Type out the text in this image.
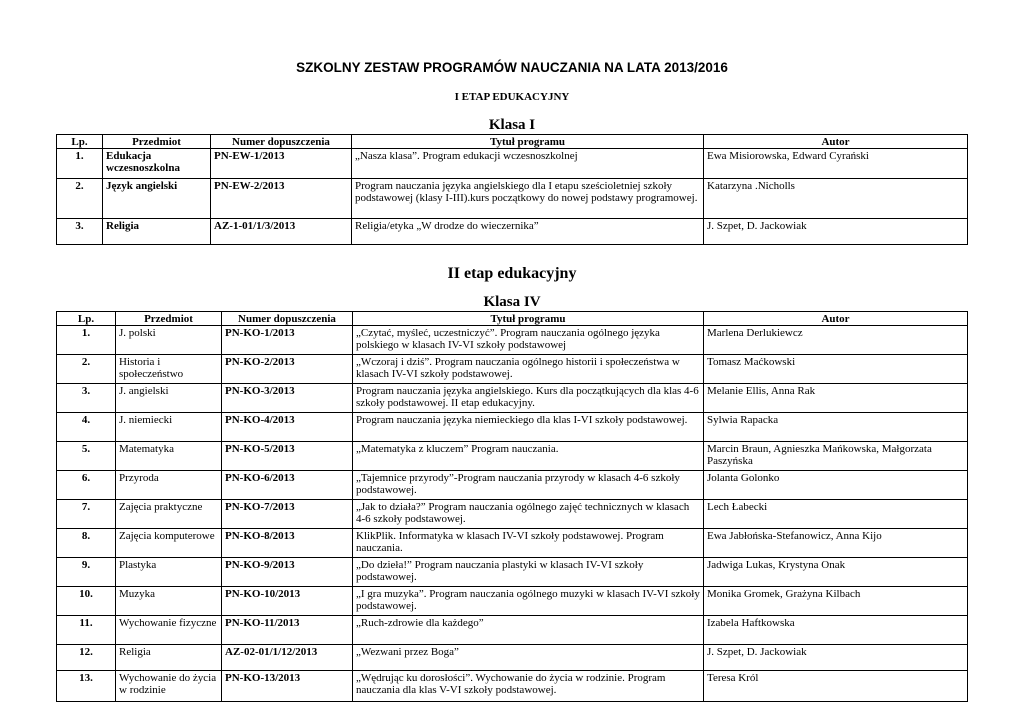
SZKOLNY ZESTAW PROGRAMÓW NAUCZANIA NA LATA 2013/2016
I ETAP EDUKACYJNY
Klasa I
Lp.	Przedmiot	Numer dopuszczenia	Tytuł programu	Autor
1.	Edukacja wczesnoszkolna	PN-EW-1/2013	„Nasza klasa”. Program edukacji wczesnoszkolnej	Ewa Misiorowska, Edward Cyrański
2.	Język angielski	PN-EW-2/2013	Program nauczania języka angielskiego dla I etapu sześcioletniej szkoły podstawowej (klasy I-III).kurs początkowy do nowej podstawy programowej.	Katarzyna .Nicholls
3.	Religia	AZ-1-01/1/3/2013	Religia/etyka „W drodze do wieczernika”	J. Szpet, D. Jackowiak
II etap edukacyjny
Klasa IV
Lp.	Przedmiot	Numer dopuszczenia	Tytuł programu	Autor
1.	J. polski	PN-KO-1/2013	„Czytać, myśleć, uczestniczyć”. Program nauczania ogólnego języka polskiego w klasach IV-VI szkoły podstawowej	Marlena Derlukiewcz
2.	Historia i społeczeństwo	PN-KO-2/2013	„Wczoraj i dziś”. Program nauczania ogólnego historii i społeczeństwa w klasach IV-VI szkoły podstawowej.	Tomasz Maćkowski
3.	J. angielski	PN-KO-3/2013	Program nauczania języka angielskiego. Kurs dla początkujących dla klas 4-6 szkoły podstawowej. II etap edukacyjny.	Melanie Ellis, Anna Rak
4.	J. niemiecki	PN-KO-4/2013	Program nauczania języka niemieckiego dla klas I-VI szkoły podstawowej.	Sylwia Rapacka
5.	Matematyka	PN-KO-5/2013	„Matematyka z kluczem” Program nauczania.	Marcin Braun, Agnieszka Mańkowska, Małgorzata Paszyńska
6.	Przyroda	PN-KO-6/2013	„Tajemnice przyrody”-Program nauczania przyrody w klasach 4-6 szkoły podstawowej.	Jolanta Golonko
7.	Zajęcia praktyczne	PN-KO-7/2013	„Jak to działa?” Program nauczania ogólnego zajęć technicznych w klasach 4-6 szkoły podstawowej.	Lech Łabecki
8.	Zajęcia komputerowe	PN-KO-8/2013	KlikPlik. Informatyka w klasach IV-VI szkoły podstawowej. Program nauczania.	Ewa Jabłońska-Stefanowicz, Anna Kijo
9.	Plastyka	PN-KO-9/2013	„Do dzieła!” Program nauczania plastyki w klasach IV-VI szkoły podstawowej.	Jadwiga Lukas, Krystyna Onak
10.	Muzyka	PN-KO-10/2013	„I gra muzyka”. Program nauczania ogólnego muzyki w klasach IV-VI szkoły podstawowej.	Monika Gromek, Grażyna Kilbach
11.	Wychowanie fizyczne	PN-KO-11/2013	„Ruch-zdrowie dla każdego”	Izabela Haftkowska
12.	Religia	AZ-02-01/1/12/2013	„Wezwani przez Boga”	J. Szpet, D. Jackowiak
13.	Wychowanie do życia w rodzinie	PN-KO-13/2013	„Wędrując ku dorosłości”. Wychowanie do życia w rodzinie. Program nauczania dla klas V-VI szkoły podstawowej.	Teresa Król
